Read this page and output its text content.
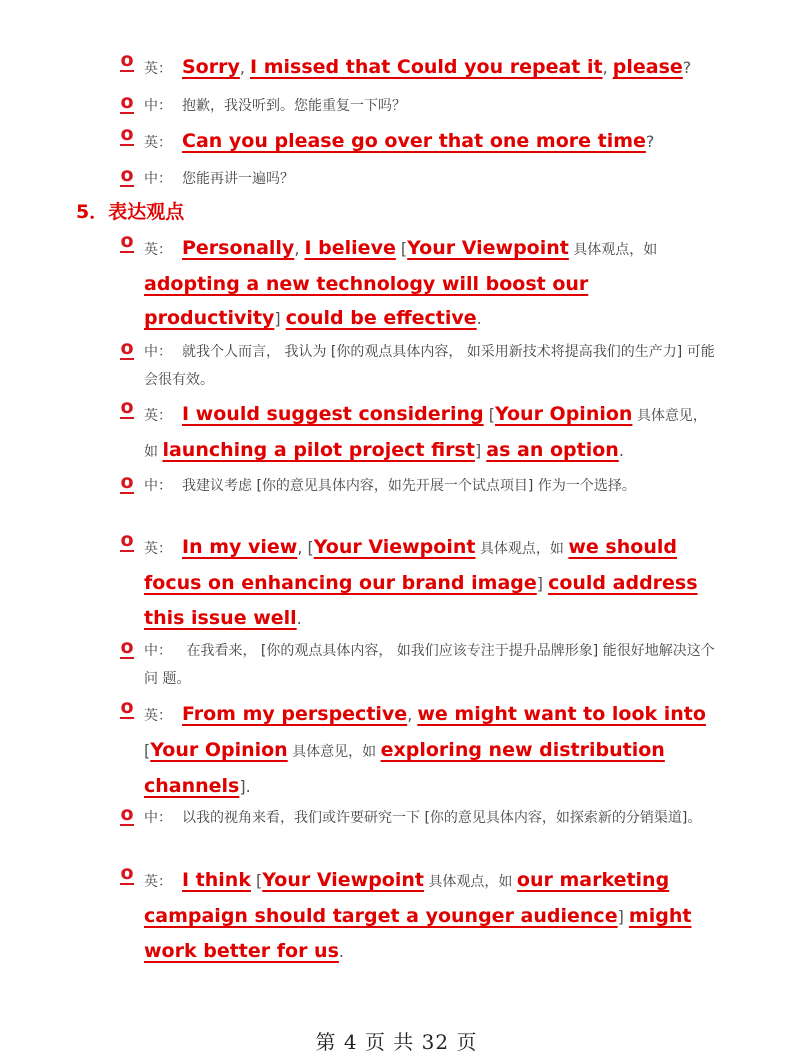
o 英： Sorry, I missed that Could you repeat it, please?
o 中： 抱歉，我没听到。您能重复一下吗？
o 英： Can you please go over that one more time?
o 中： 您能再讲一遍吗？
5．表达观点
o 英： Personally, I believe [Your Viewpoint 具体观点，如 adopting a new technology will boost our productivity] could be effective.
o 中： 就我个人而言， 我认为 [你的观点具体内容， 如采用新技术将提高我们的生产力] 可能 会很有效。
o 英： I would suggest considering [Your Opinion 具体意见，如 launching a pilot project first] as an option.
o 中： 我建议考虑 [你的意见具体内容，如先开展一个试点项目] 作为一个选择。
o 英： In my view, [Your Viewpoint 具体观点，如 we should focus on enhancing our brand image] could address this issue well.
o 中： 在我看来， [你的观点具体内容， 如我们应该专注于提升品牌形象] 能很好地解决这个问 题。
o 英： From my perspective, we might want to look into [Your Opinion 具体意见，如 exploring new distribution channels].
o 中： 以我的视角来看，我们或许要研究一下 [你的意见具体内容，如探索新的分销渠道]。
o 英： I think [Your Viewpoint 具体观点，如 our marketing campaign should target a younger audience] might work better for us.
第 4 页 共 32 页
